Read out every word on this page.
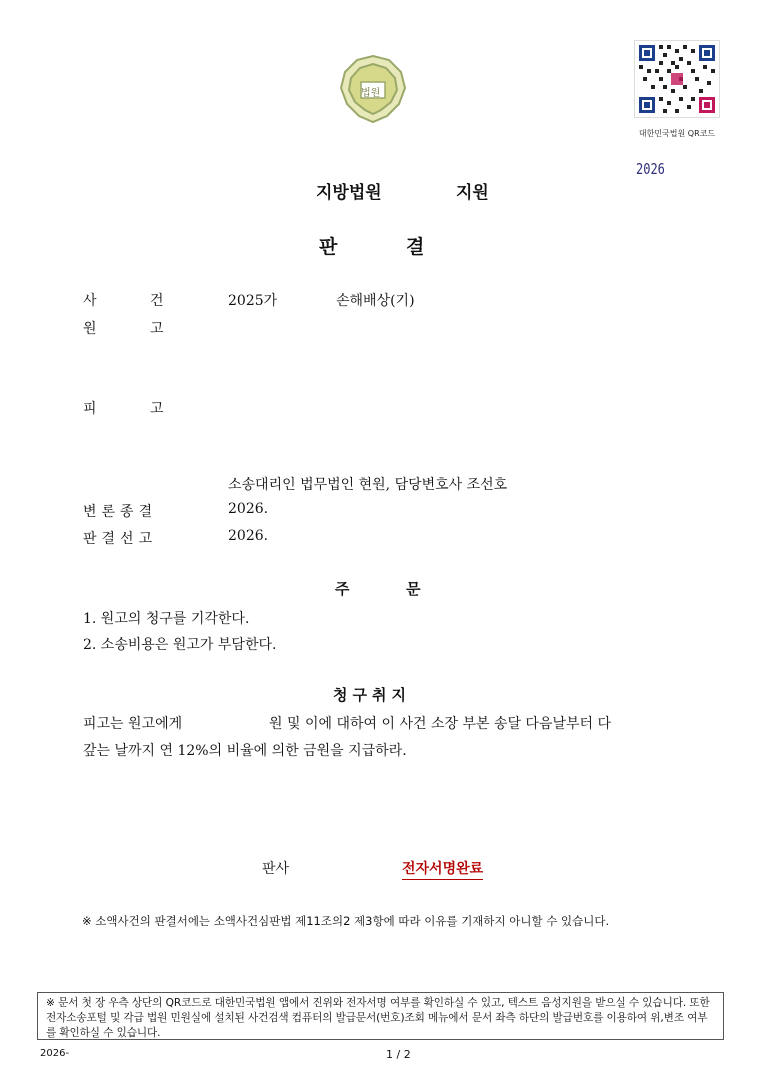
법원
대한민국법원 QR코드
2026
지방법원	지원
판	결
사	건	2025가	손해배상(기)
원	고
피	고
소송대리인 법무법인 현원, 담당변호사 조선호
변론종결	2026.
판결선고	2026.
주	문
1. 원고의 청구를 기각한다.
2. 소송비용은 원고가 부담한다.
청구취지
피고는 원고에게	원 및 이에 대하여 이 사건 소장 부본 송달 다음날부터 다
갚는 날까지 연 12%의 비율에 의한 금원을 지급하라.
판사	전자서명완료
※ 소액사건의 판결서에는 소액사건심판법 제11조의2 제3항에 따라 이유를 기재하지 아니할 수 있습니다.
※ 문서 첫 장 우측 상단의 QR코드로 대한민국법원 앱에서 진위와 전자서명 여부를 확인하실 수 있고, 텍스트 음성지원을 받으실 수 있습니다. 또한 전자소송포털 및 각급 법원 민원실에 설치된 사건검색 컴퓨터의 발급문서(번호)조회 메뉴에서 문서 좌측 하단의 발급번호를 이용하여 위,변조 여부를 확인하실 수 있습니다.
2026-	1 / 2
